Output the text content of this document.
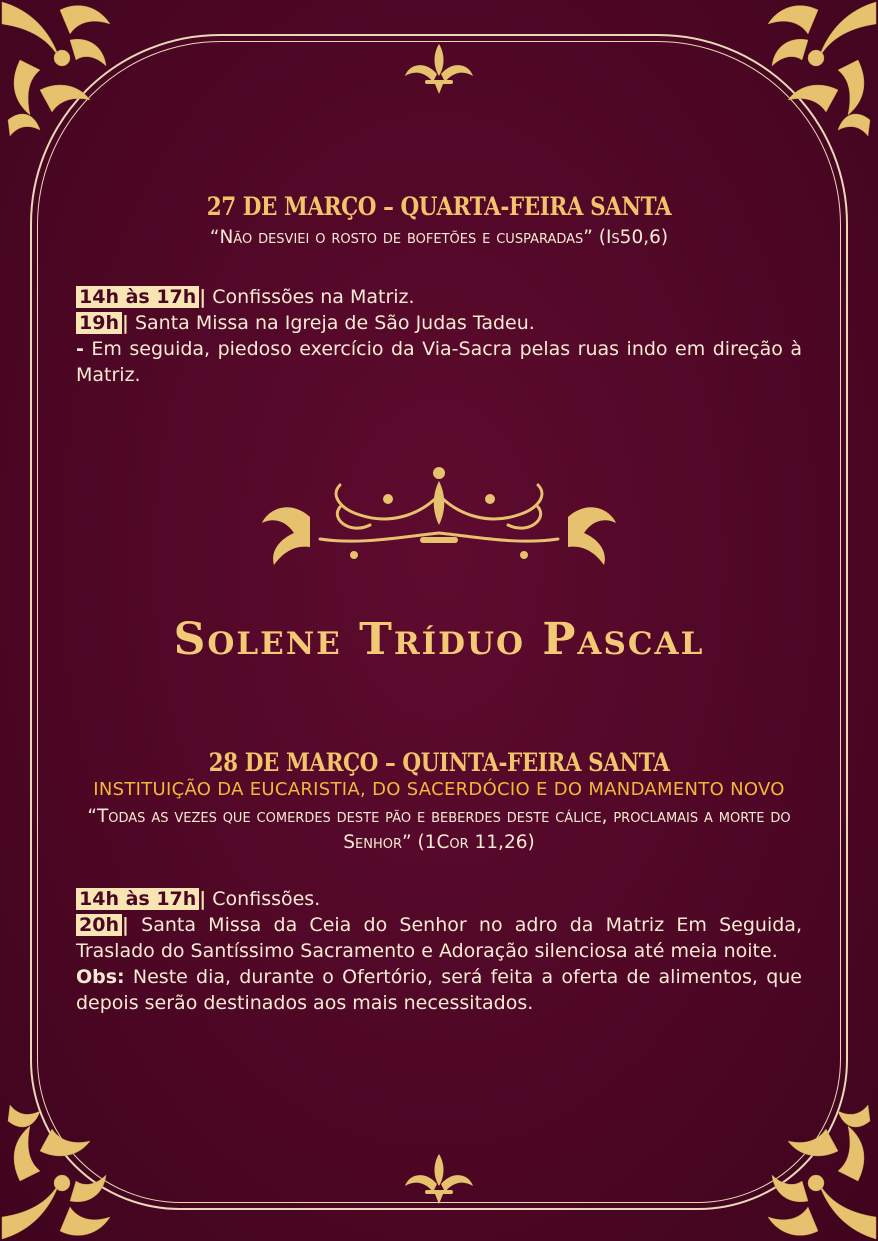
27 DE MARÇO – QUARTA-FEIRA SANTA
“Não desviei o rosto de bofetões e cusparadas” (Is50,6)
14h às 17h | Confissões na Matriz.
19h | Santa Missa na Igreja de São Judas Tadeu.
- Em seguida, piedoso exercício da Via-Sacra pelas ruas indo em direção à Matriz.
Solene Tríduo Pascal
28 DE MARÇO – QUINTA-FEIRA SANTA
INSTITUIÇÃO DA EUCARISTIA, DO SACERDÓCIO E DO MANDAMENTO NOVO
“Todas as vezes que comerdes deste pão e beberdes deste cálice, proclamais a morte do Senhor” (1Cor 11,26)
14h às 17h | Confissões.
20h | Santa Missa da Ceia do Senhor no adro da Matriz Em Seguida, Traslado do Santíssimo Sacramento e Adoração silenciosa até meia noite.
Obs: Neste dia, durante o Ofertório, será feita a oferta de alimentos, que depois serão destinados aos mais necessitados.
